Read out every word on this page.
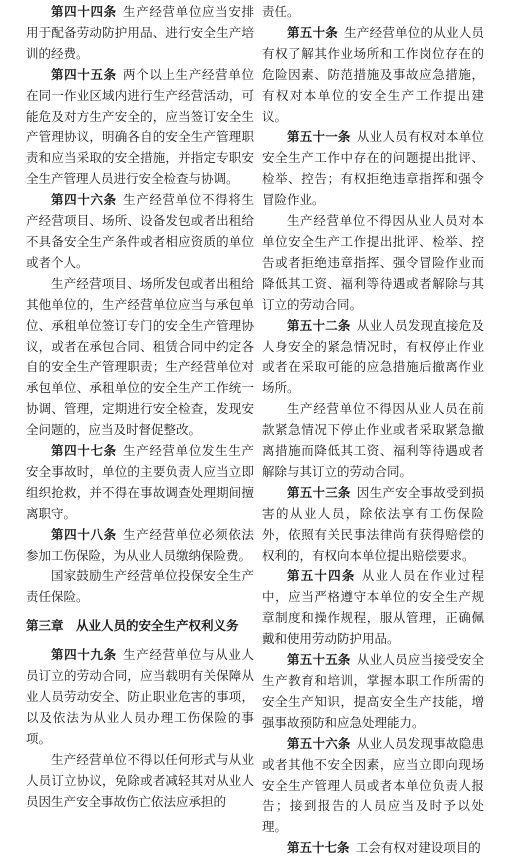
第四十四条 生产经营单位应当安排用于配备劳动防护用品、进行安全生产培训的经费。

第四十五条 两个以上生产经营单位在同一作业区域内进行生产经营活动，可能危及对方生产安全的，应当签订安全生产管理协议，明确各自的安全生产管理职责和应当采取的安全措施，并指定专职安全生产管理人员进行安全检查与协调。

第四十六条 生产经营单位不得将生产经营项目、场所、设备发包或者出租给不具备安全生产条件或者相应资质的单位或者个人。

生产经营项目、场所发包或者出租给其他单位的，生产经营单位应当与承包单位、承租单位签订专门的安全生产管理协议，或者在承包合同、租赁合同中约定各自的安全生产管理职责；生产经营单位对承包单位、承租单位的安全生产工作统一协调、管理，定期进行安全检查，发现安全问题的，应当及时督促整改。

第四十七条 生产经营单位发生生产安全事故时，单位的主要负责人应当立即组织抢救，并不得在事故调查处理期间擅离职守。

第四十八条 生产经营单位必须依法参加工伤保险，为从业人员缴纳保险费。

国家鼓励生产经营单位投保安全生产责任保险。

第三章　从业人员的安全生产权利义务

第四十九条 生产经营单位与从业人员订立的劳动合同，应当载明有关保障从业人员劳动安全、防止职业危害的事项，以及依法为从业人员办理工伤保险的事项。

生产经营单位不得以任何形式与从业人员订立协议，免除或者减轻其对从业人员因生产安全事故伤亡依法应承担的

责任。

第五十条 生产经营单位的从业人员有权了解其作业场所和工作岗位存在的危险因素、防范措施及事故应急措施，有权对本单位的安全生产工作提出建议。

第五十一条 从业人员有权对本单位安全生产工作中存在的问题提出批评、检举、控告；有权拒绝违章指挥和强令冒险作业。

生产经营单位不得因从业人员对本单位安全生产工作提出批评、检举、控告或者拒绝违章指挥、强令冒险作业而降低其工资、福利等待遇或者解除与其订立的劳动合同。

第五十二条 从业人员发现直接危及人身安全的紧急情况时，有权停止作业或者在采取可能的应急措施后撤离作业场所。

生产经营单位不得因从业人员在前款紧急情况下停止作业或者采取紧急撤离措施而降低其工资、福利等待遇或者解除与其订立的劳动合同。

第五十三条 因生产安全事故受到损害的从业人员，除依法享有工伤保险外，依照有关民事法律尚有获得赔偿的权利的，有权向本单位提出赔偿要求。

第五十四条 从业人员在作业过程中，应当严格遵守本单位的安全生产规章制度和操作规程，服从管理，正确佩戴和使用劳动防护用品。

第五十五条 从业人员应当接受安全生产教育和培训，掌握本职工作所需的安全生产知识，提高安全生产技能，增强事故预防和应急处理能力。

第五十六条 从业人员发现事故隐患或者其他不安全因素，应当立即向现场安全生产管理人员或者本单位负责人报告；接到报告的人员应当及时予以处理。

第五十七条 工会有权对建设项目的
